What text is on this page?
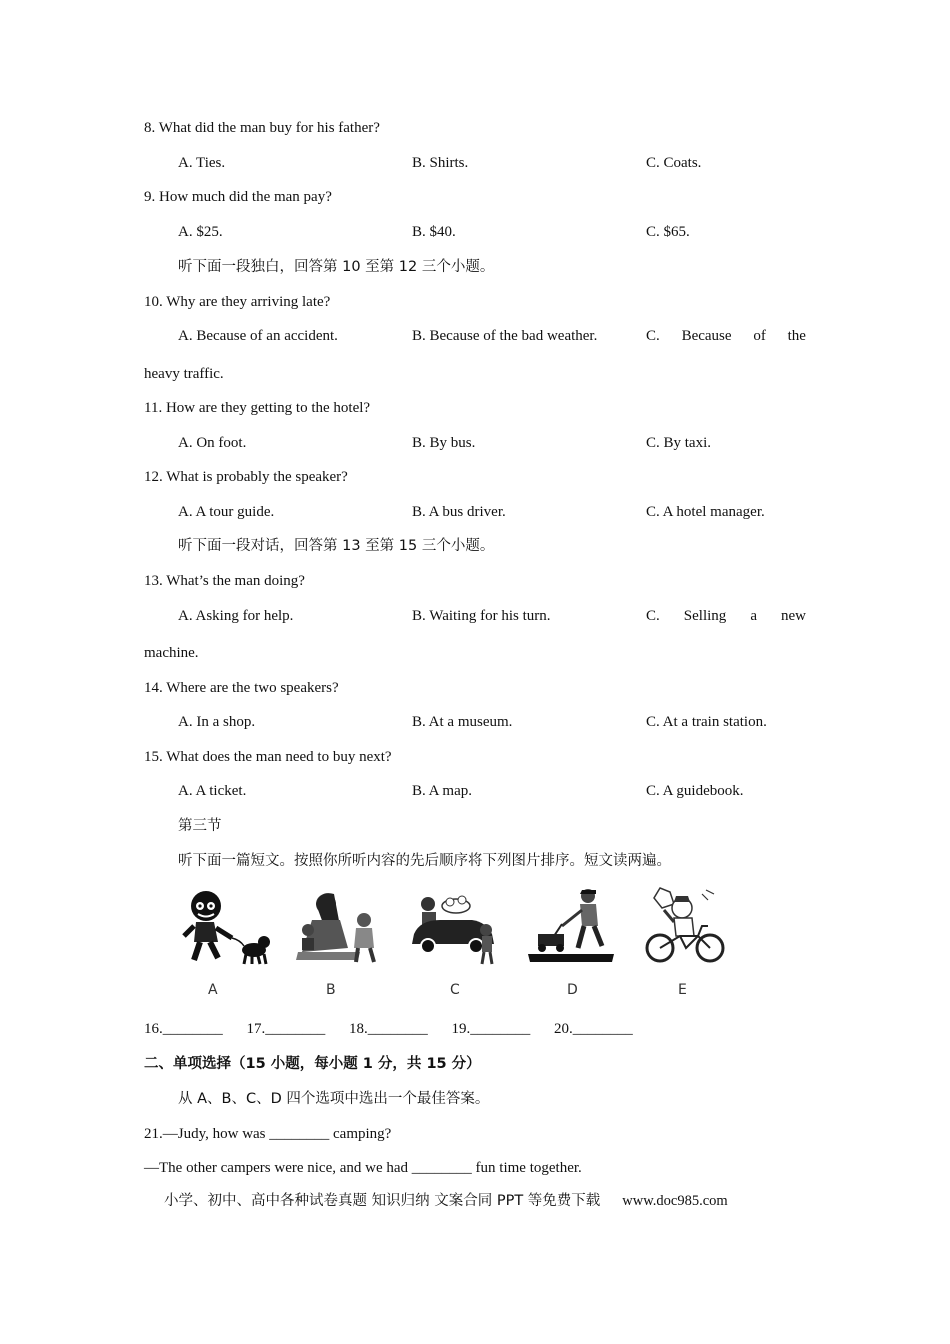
8. What did the man buy for his father?
A. Ties.	B. Shirts.	C. Coats.
9. How much did the man pay?
A. $25.	B. $40.	C. $65.
听下面一段独白，回答第 10 至第 12 三个小题。
10. Why are they arriving late?
A. Because of an accident.	B. Because of the bad weather.	C. Because of the
heavy traffic.
11. How are they getting to the hotel?
A. On foot.	B. By bus.	C. By taxi.
12. What is probably the speaker?
A. A tour guide.	B. A bus driver.	C. A hotel manager.
听下面一段对话，回答第 13 至第 15 三个小题。
13. What’s the man doing?
A. Asking for help.	B. Waiting for his turn.	C. Selling a new
machine.
14. Where are the two speakers?
A. In a shop.	B. At a museum.	C. At a train station.
15. What does the man need to buy next?
A. A ticket.	B. A map.	C. A guidebook.
第三节
听下面一篇短文。按照你所听内容的先后顺序将下列图片排序。短文读两遍。
A	B	C	D	E
16.________ 17.________ 18.________ 19.________ 20.________
二、单项选择（15 小题，每小题 1 分，共 15 分）
从 A、B、C、D 四个选项中选出一个最佳答案。
21.—Judy, how was ________ camping?
—The other campers were nice, and we had ________ fun time together.
小学、初中、高中各种试卷真题 知识归纳 文案合同 PPT 等免费下载 www.doc985.com
